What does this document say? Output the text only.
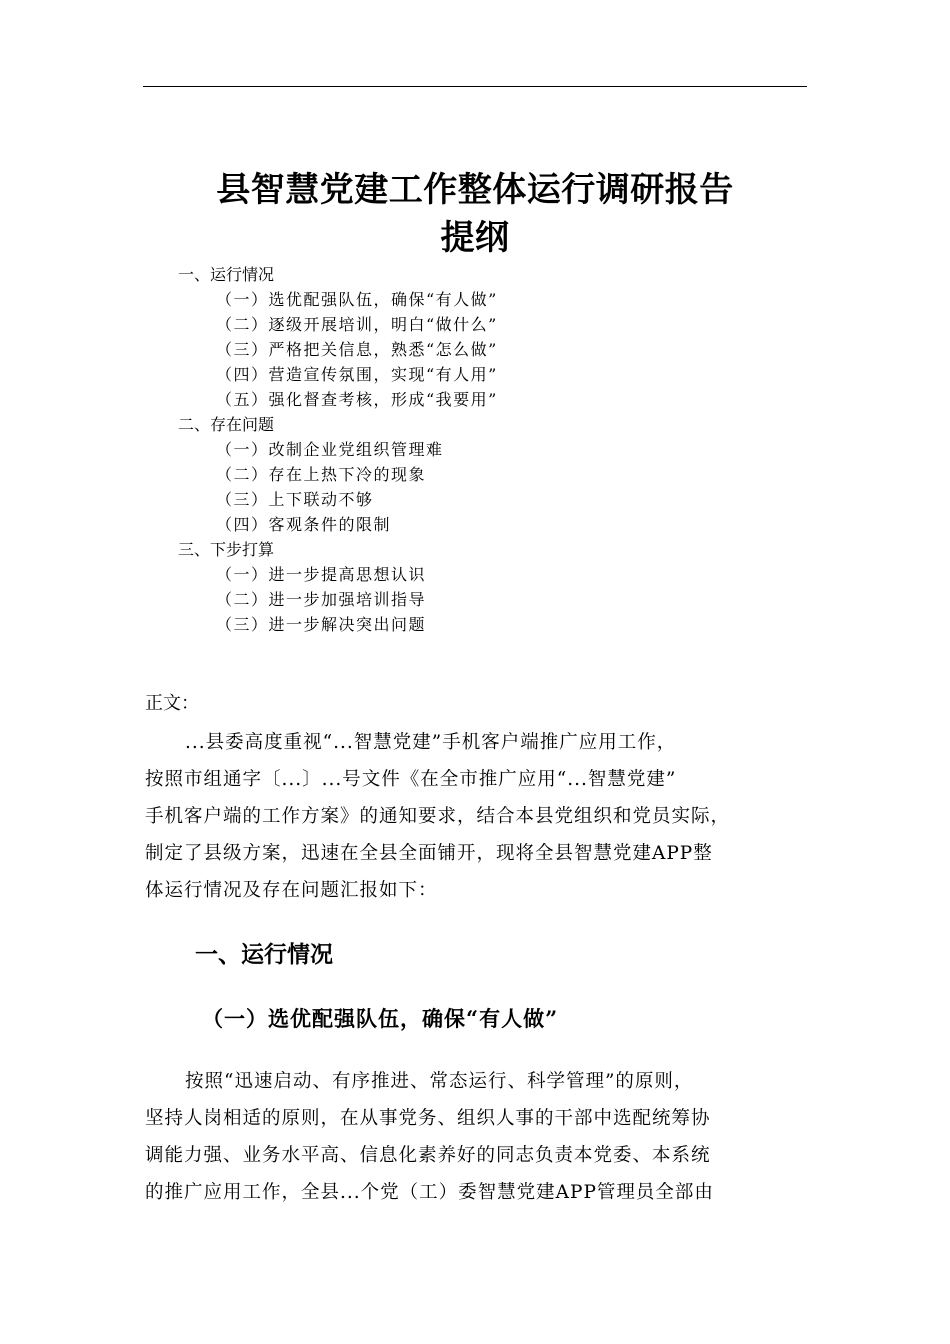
县智慧党建工作整体运行调研报告
提纲
一、运行情况
（一）选优配强队伍，确保“有人做”
（二）逐级开展培训，明白“做什么”
（三）严格把关信息，熟悉“怎么做”
（四）营造宣传氛围，实现“有人用”
（五）强化督查考核，形成“我要用”
二、存在问题
（一）改制企业党组织管理难
（二）存在上热下冷的现象
（三）上下联动不够
（四）客观条件的限制
三、下步打算
（一）进一步提高思想认识
（二）进一步加强培训指导
（三）进一步解决突出问题
正文：
...县委高度重视“...智慧党建”手机客户端推广应用工作，
按照市组通字〔...〕...号文件《在全市推广应用“...智慧党建”
手机客户端的工作方案》的通知要求，结合本县党组织和党员实际，
制定了县级方案，迅速在全县全面铺开，现将全县智慧党建APP整
体运行情况及存在问题汇报如下：
一、运行情况
（一）选优配强队伍，确保“有人做”
按照“迅速启动、有序推进、常态运行、科学管理”的原则，
坚持人岗相适的原则，在从事党务、组织人事的干部中选配统筹协
调能力强、业务水平高、信息化素养好的同志负责本党委、本系统
的推广应用工作，全县...个党（工）委智慧党建APP管理员全部由
